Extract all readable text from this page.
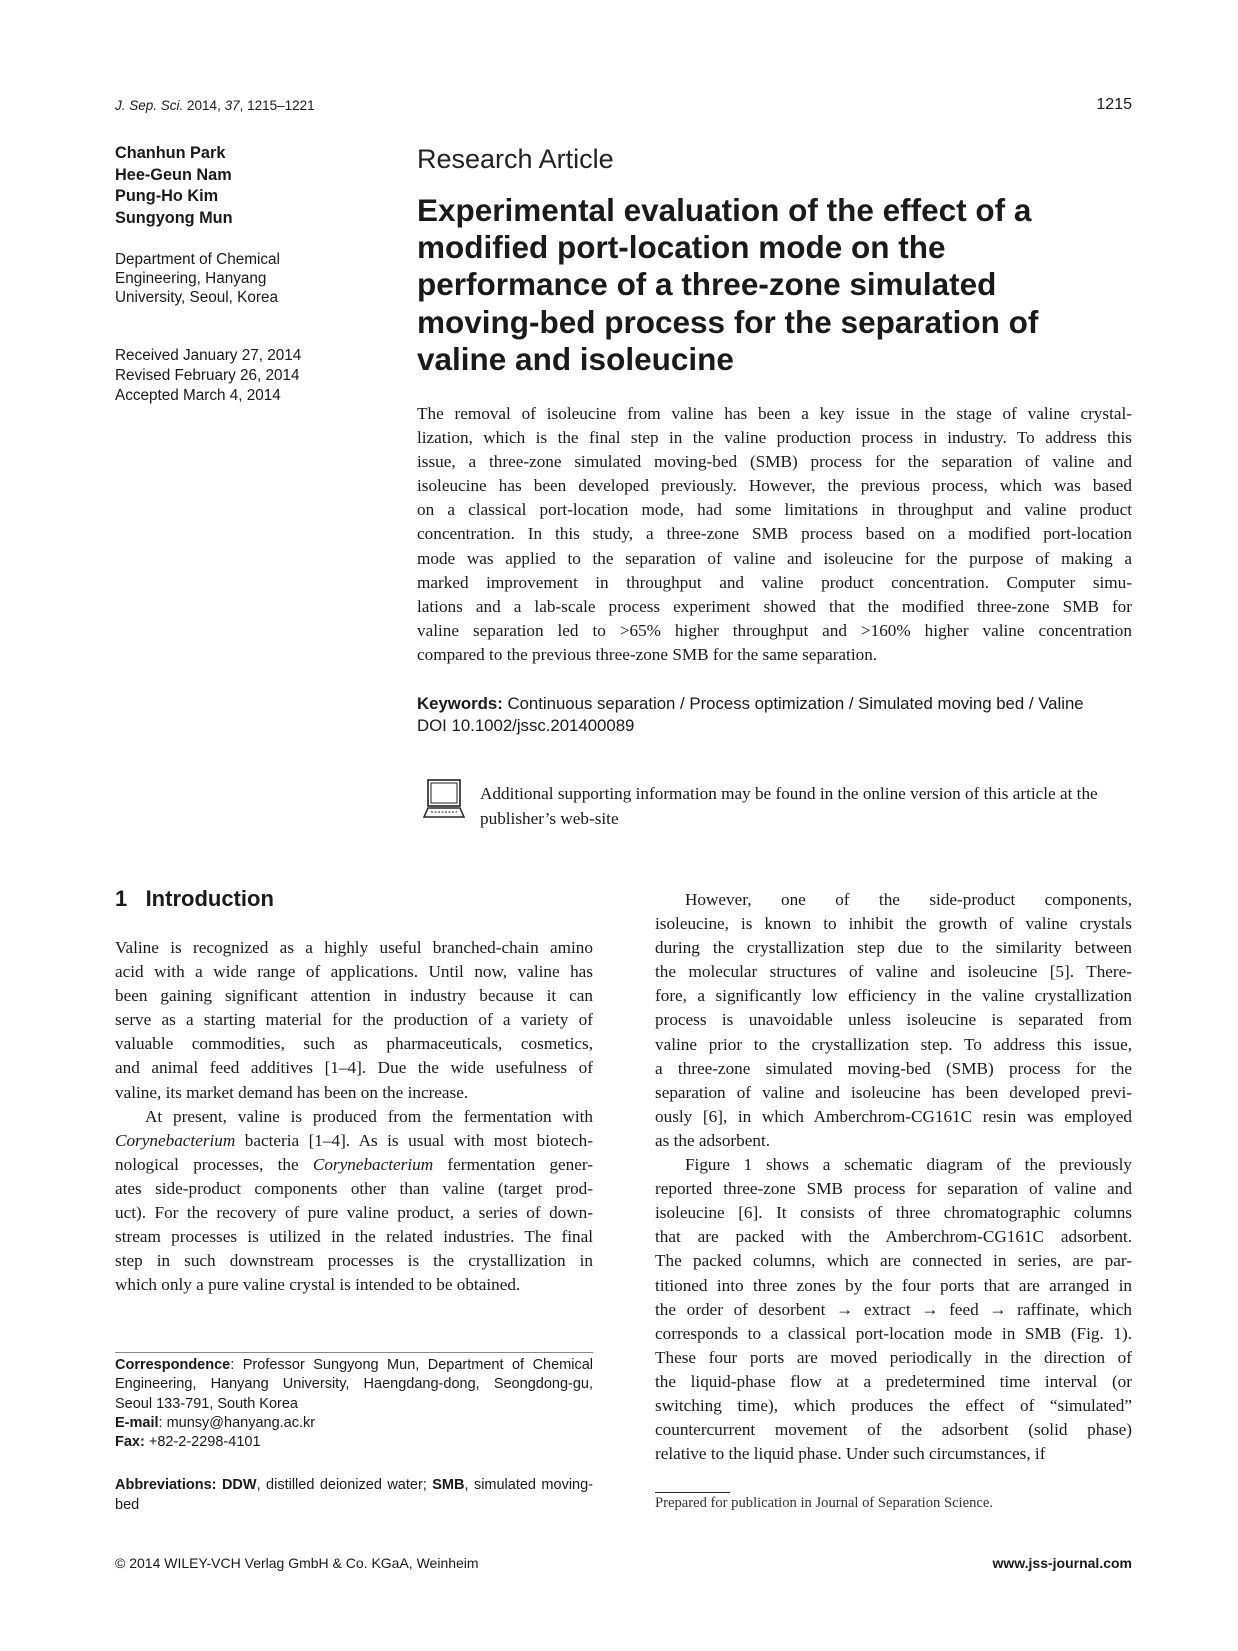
J. Sep. Sci. 2014, 37, 1215–1221	1215
Chanhun Park
Hee-Geun Nam
Pung-Ho Kim
Sungyong Mun
Department of Chemical
Engineering, Hanyang
University, Seoul, Korea
Received January 27, 2014
Revised February 26, 2014
Accepted March 4, 2014
Research Article
Experimental evaluation of the effect of a
modified port-location mode on the
performance of a three-zone simulated
moving-bed process for the separation of
valine and isoleucine
The removal of isoleucine from valine has been a key issue in the stage of valine crystal-
lization, which is the final step in the valine production process in industry. To address this
issue, a three-zone simulated moving-bed (SMB) process for the separation of valine and
isoleucine has been developed previously. However, the previous process, which was based
on a classical port-location mode, had some limitations in throughput and valine product
concentration. In this study, a three-zone SMB process based on a modified port-location
mode was applied to the separation of valine and isoleucine for the purpose of making a
marked improvement in throughput and valine product concentration. Computer simu-
lations and a lab-scale process experiment showed that the modified three-zone SMB for
valine separation led to >65% higher throughput and >160% higher valine concentration
compared to the previous three-zone SMB for the same separation.
Keywords: Continuous separation / Process optimization / Simulated moving bed / Valine
DOI 10.1002/jssc.201400089
Additional supporting information may be found in the online version of this article at the publisher’s web-site
1   Introduction
Valine is recognized as a highly useful branched-chain amino
acid with a wide range of applications. Until now, valine has
been gaining significant attention in industry because it can
serve as a starting material for the production of a variety of
valuable commodities, such as pharmaceuticals, cosmetics,
and animal feed additives [1–4]. Due the wide usefulness of
valine, its market demand has been on the increase.
At present, valine is produced from the fermentation with
Corynebacterium bacteria [1–4]. As is usual with most biotech-
nological processes, the Corynebacterium fermentation gener-
ates side-product components other than valine (target prod-
uct). For the recovery of pure valine product, a series of down-
stream processes is utilized in the related industries. The final
step in such downstream processes is the crystallization in
which only a pure valine crystal is intended to be obtained.
However, one of the side-product components,
isoleucine, is known to inhibit the growth of valine crystals
during the crystallization step due to the similarity between
the molecular structures of valine and isoleucine [5]. There-
fore, a significantly low efficiency in the valine crystallization
process is unavoidable unless isoleucine is separated from
valine prior to the crystallization step. To address this issue,
a three-zone simulated moving-bed (SMB) process for the
separation of valine and isoleucine has been developed previ-
ously [6], in which Amberchrom-CG161C resin was employed
as the adsorbent.
Figure 1 shows a schematic diagram of the previously
reported three-zone SMB process for separation of valine and
isoleucine [6]. It consists of three chromatographic columns
that are packed with the Amberchrom-CG161C adsorbent.
The packed columns, which are connected in series, are par-
titioned into three zones by the four ports that are arranged in
the order of desorbent → extract → feed → raffinate, which
corresponds to a classical port-location mode in SMB (Fig. 1).
These four ports are moved periodically in the direction of
the liquid-phase flow at a predetermined time interval (or
switching time), which produces the effect of “simulated”
countercurrent movement of the adsorbent (solid phase)
relative to the liquid phase. Under such circumstances, if
Correspondence: Professor Sungyong Mun, Department of Chemical Engineering, Hanyang University, Haengdang-dong, Seongdong-gu, Seoul 133-791, South Korea
E-mail: munsy@hanyang.ac.kr
Fax: +82-2-2298-4101
Abbreviations: DDW, distilled deionized water; SMB, simulated moving-bed	Prepared for publication in Journal of Separation Science.
© 2014 WILEY-VCH Verlag GmbH & Co. KGaA, Weinheim	www.jss-journal.com
